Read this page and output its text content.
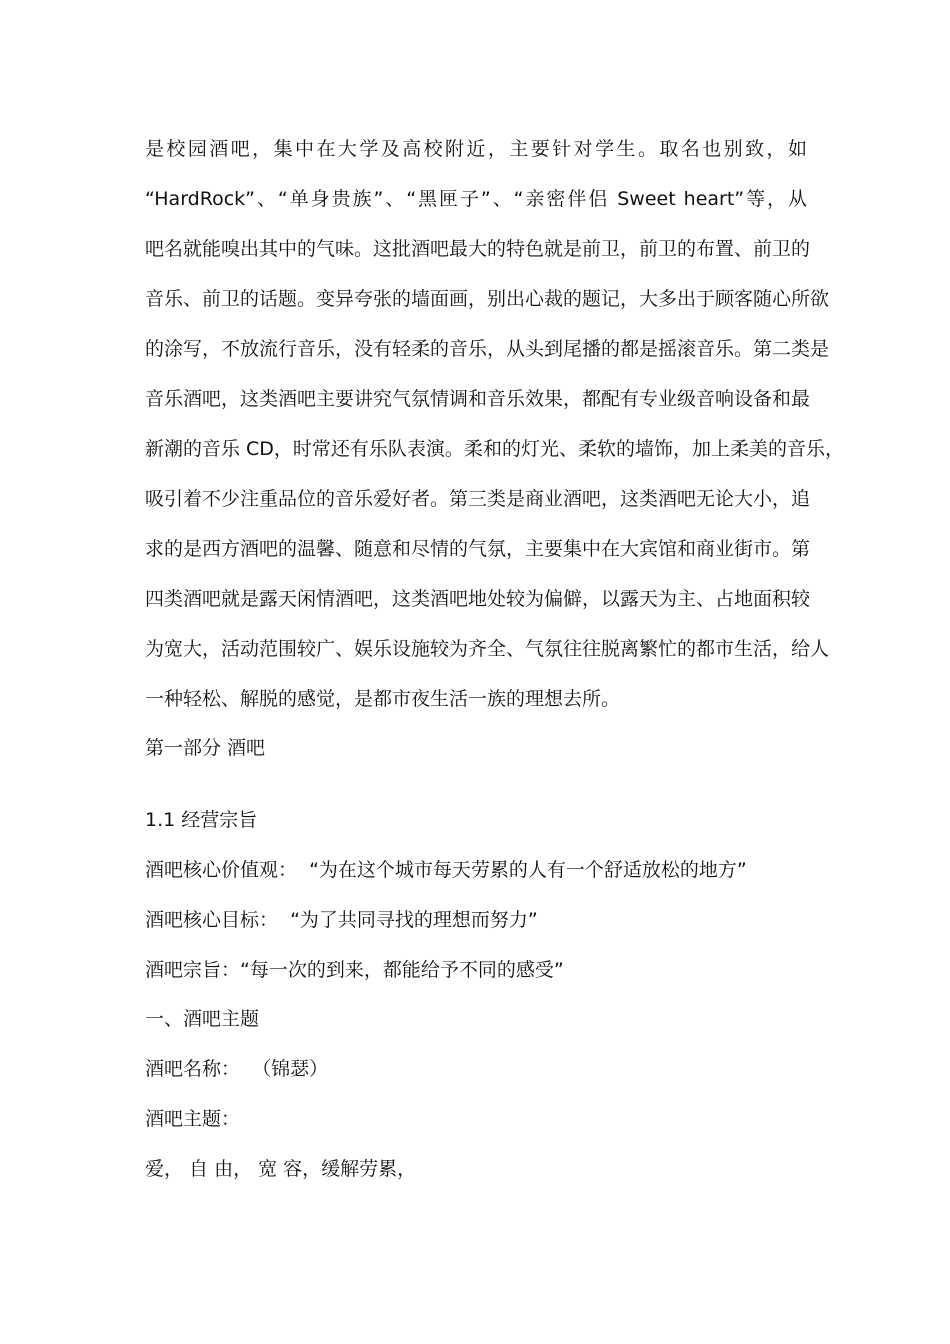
是校园酒吧，集中在大学及高校附近，主要针对学生。取名也别致，如
“HardRock”、“单身贵族”、“黑匣子”、“亲密伴侣 Sweet heart”等，从
吧名就能嗅出其中的气味。这批酒吧最大的特色就是前卫，前卫的布置、前卫的
音乐、前卫的话题。变异夸张的墙面画，别出心裁的题记，大多出于顾客随心所欲
的涂写，不放流行音乐，没有轻柔的音乐，从头到尾播的都是摇滚音乐。第二类是
音乐酒吧，这类酒吧主要讲究气氛情调和音乐效果，都配有专业级音响设备和最
新潮的音乐 CD，时常还有乐队表演。柔和的灯光、柔软的墙饰，加上柔美的音乐，
吸引着不少注重品位的音乐爱好者。第三类是商业酒吧，这类酒吧无论大小，追
求的是西方酒吧的温馨、随意和尽情的气氛，主要集中在大宾馆和商业街市。第
四类酒吧就是露天闲情酒吧，这类酒吧地处较为偏僻，以露天为主、占地面积较
为宽大，活动范围较广、娱乐设施较为齐全、气氛往往脱离繁忙的都市生活，给人
一种轻松、解脱的感觉，是都市夜生活一族的理想去所。
第一部分 酒吧
1.1 经营宗旨
酒吧核心价值观：  “为在这个城市每天劳累的人有一个舒适放松的地方”
酒吧核心目标：  “为了共同寻找的理想而努力”
酒吧宗旨：“每一次的到来，都能给予不同的感受”
一、酒吧主题
酒吧名称：  （锦瑟）
酒吧主题：
爱， 自 由， 宽 容，缓解劳累，
